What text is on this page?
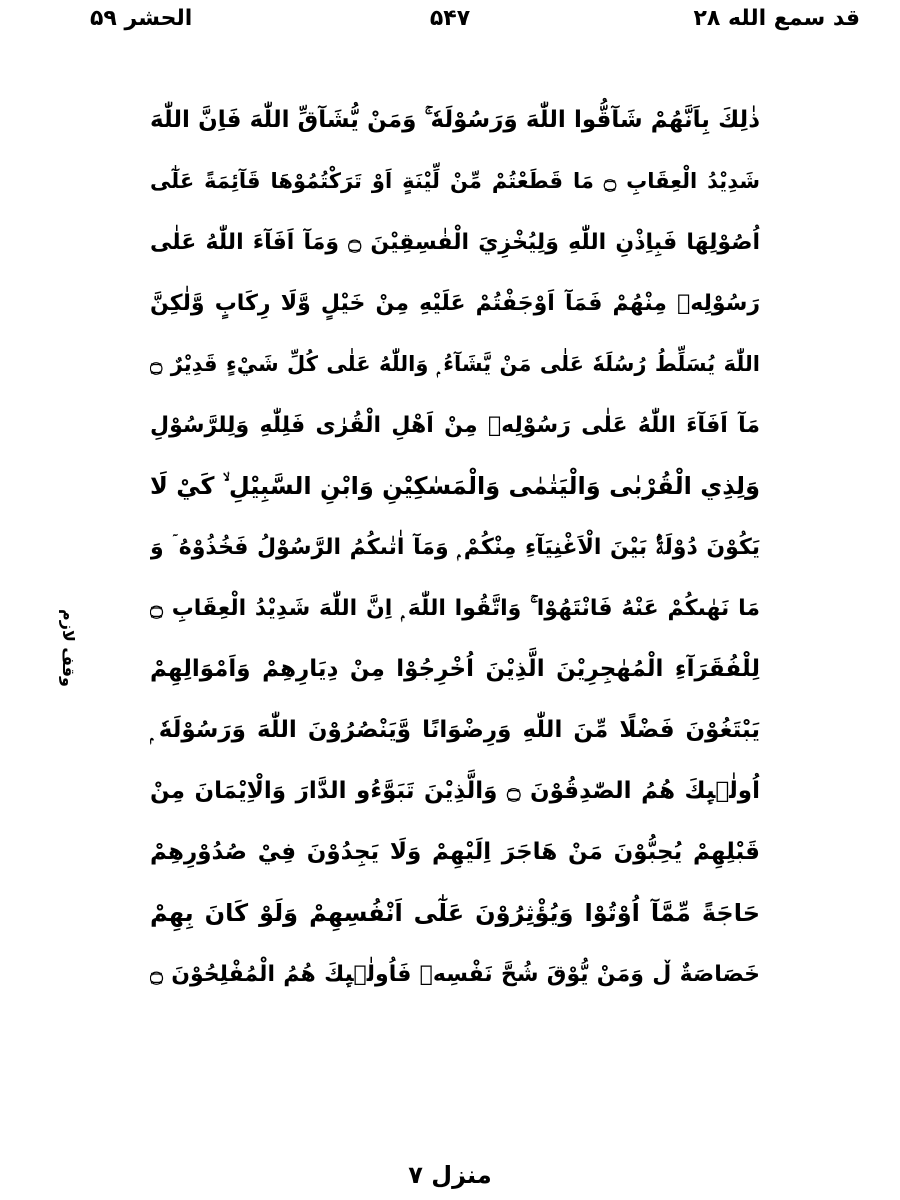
قد سمع الله ۲۸
۵۴۷
الحشر ۵۹
وقف لازم
ذٰلِكَ بِاَنَّهُمْ شَآقُّوا اللّٰهَ وَرَسُوْلَهٗ ۚ وَمَنْ يُّشَآقِّ اللّٰهَ فَاِنَّ اللّٰهَ
شَدِيْدُ الْعِقَابِ ۝ مَا قَطَعْتُمْ مِّنْ لِّيْنَةٍ اَوْ تَرَكْتُمُوْهَا قَآئِمَةً عَلٰٓى
اُصُوْلِهَا فَبِاِذْنِ اللّٰهِ وَلِيُخْزِيَ الْفٰسِقِيْنَ ۝ وَمَآ اَفَآءَ اللّٰهُ عَلٰى
رَسُوْلِهٖ مِنْهُمْ فَمَآ اَوْجَفْتُمْ عَلَيْهِ مِنْ خَيْلٍ وَّلَا رِكَابٍ وَّلٰكِنَّ
اللّٰهَ يُسَلِّطُ رُسُلَهٗ عَلٰى مَنْ يَّشَآءُ ۭ وَاللّٰهُ عَلٰى كُلِّ شَيْءٍ قَدِيْرٌ ۝
مَآ اَفَآءَ اللّٰهُ عَلٰى رَسُوْلِهٖ مِنْ اَهْلِ الْقُرٰى فَلِلّٰهِ وَلِلرَّسُوْلِ
وَلِذِي الْقُرْبٰى وَالْيَتٰمٰى وَالْمَسٰكِيْنِ وَابْنِ السَّبِيْلِ ۙ كَيْ لَا
يَكُوْنَ دُوْلَةًۢ بَيْنَ الْاَغْنِيَآءِ مِنْكُمْ ۭ وَمَآ اٰتٰىكُمُ الرَّسُوْلُ فَخُذُوْهُ ۤ وَ
مَا نَهٰىكُمْ عَنْهُ فَانْتَهُوْا ۚ وَاتَّقُوا اللّٰهَ ۭ اِنَّ اللّٰهَ شَدِيْدُ الْعِقَابِ ۝
لِلْفُقَرَآءِ الْمُهٰجِرِيْنَ الَّذِيْنَ اُخْرِجُوْا مِنْ دِيَارِهِمْ وَاَمْوَالِهِمْ
يَبْتَغُوْنَ فَضْلًا مِّنَ اللّٰهِ وَرِضْوَانًا وَّيَنْصُرُوْنَ اللّٰهَ وَرَسُوْلَهٗ ۭ
اُولٰۗىِٕكَ هُمُ الصّٰدِقُوْنَ ۝ وَالَّذِيْنَ تَبَوَّءُو الدَّارَ وَالْاِيْمَانَ مِنْ
قَبْلِهِمْ يُحِبُّوْنَ مَنْ هَاجَرَ اِلَيْهِمْ وَلَا يَجِدُوْنَ فِيْ صُدُوْرِهِمْ
حَاجَةً مِّمَّآ اُوْتُوْا وَيُؤْثِرُوْنَ عَلٰٓى اَنْفُسِهِمْ وَلَوْ كَانَ بِهِمْ
خَصَاصَةٌ ڵ وَمَنْ يُّوْقَ شُحَّ نَفْسِهٖ فَاُولٰۗىِٕكَ هُمُ الْمُفْلِحُوْنَ ۝
منزل ۷
